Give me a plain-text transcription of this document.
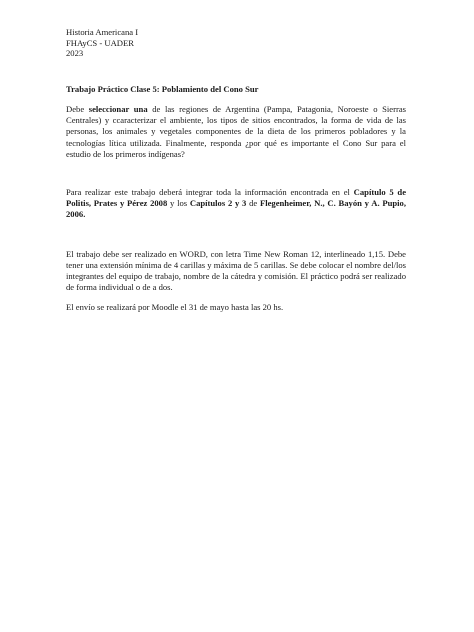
Historia Americana I
FHAyCS - UADER
2023
Trabajo Práctico Clase 5: Poblamiento del Cono Sur

Debe seleccionar una de las regiones de Argentina (Pampa, Patagonia, Noroeste o Sierras Centrales) y ccaracterizar el ambiente, los tipos de sitios encontrados, la forma de vida de las personas, los animales y vegetales componentes de la dieta de los primeros pobladores y la tecnologías lítica utilizada. Finalmente, responda ¿por qué es importante el Cono Sur para el estudio de los primeros indígenas?

Para realizar este trabajo deberá integrar toda la información encontrada en el Capítulo 5 de Politis, Prates y Pérez 2008 y los Capítulos 2 y 3 de Flegenheimer, N., C. Bayón y A. Pupio, 2006.

El trabajo debe ser realizado en WORD, con letra Time New Roman 12, interlineado 1,15. Debe tener una extensión mínima de 4 carillas y máxima de 5 carillas. Se debe colocar el nombre del/los integrantes del equipo de trabajo, nombre de la cátedra y comisión. El práctico podrá ser realizado de forma individual o de a dos.

El envío se realizará por Moodle el 31 de mayo hasta las 20 hs.
